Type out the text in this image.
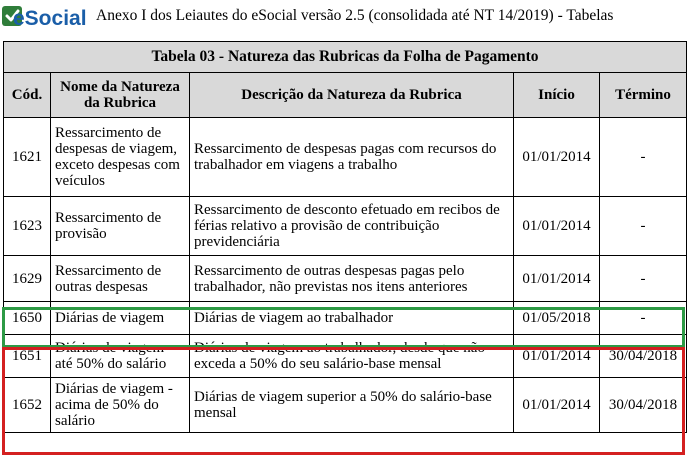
eSocial Anexo I dos Leiautes do eSocial versão 2.5 (consolidada até NT 14/2019) - Tabelas
Tabela 03 - Natureza das Rubricas da Folha de Pagamento				
Cód.	Nome da Natureza da Rubrica	Descrição da Natureza da Rubrica	Início	Término
1621	Ressarcimento de despesas de viagem, exceto despesas com veículos	Ressarcimento de despesas pagas com recursos do trabalhador em viagens a trabalho	01/01/2014	-
1623	Ressarcimento de provisão	Ressarcimento de desconto efetuado em recibos de férias relativo a provisão de contribuição previdenciária	01/01/2014	-
1629	Ressarcimento de outras despesas	Ressarcimento de outras despesas pagas pelo trabalhador, não previstas nos itens anteriores	01/01/2014	-
1650	Diárias de viagem	Diárias de viagem ao trabalhador	01/05/2018	-
1651	Diárias de viagem - até 50% do salário	Diárias de viagem ao trabalhador, desde que não exceda a 50% do seu salário-base mensal	01/01/2014	30/04/2018
1652	Diárias de viagem - acima de 50% do salário	Diárias de viagem superior a 50% do salário-base mensal	01/01/2014	30/04/2018
